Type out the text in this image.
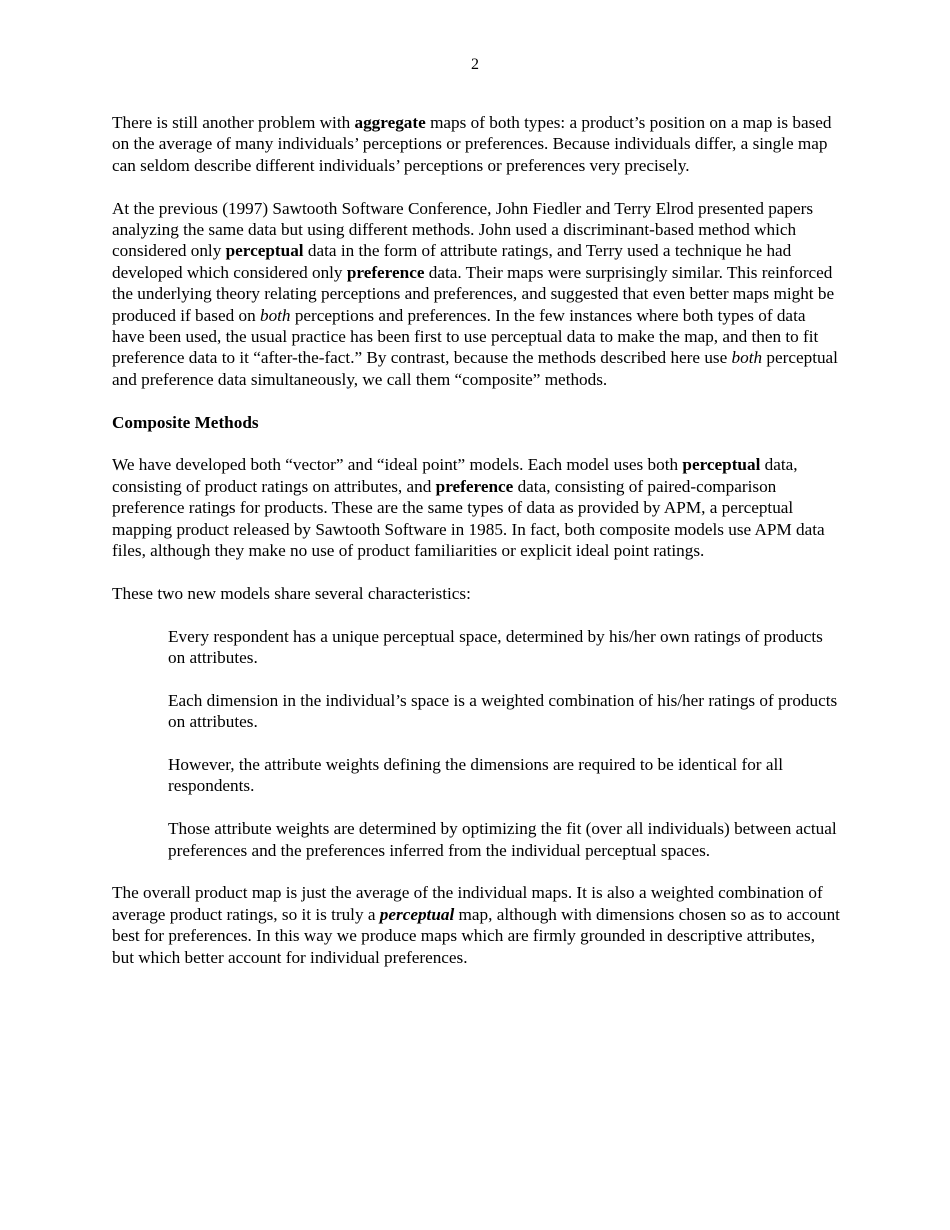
2

There is still another problem with aggregate maps of both types: a product’s position on a map is based on the average of many individuals’ perceptions or preferences. Because individuals differ, a single map can seldom describe different individuals’ perceptions or preferences very precisely.

At the previous (1997) Sawtooth Software Conference, John Fiedler and Terry Elrod presented papers analyzing the same data but using different methods. John used a discriminant-based method which considered only perceptual data in the form of attribute ratings, and Terry used a technique he had developed which considered only preference data. Their maps were surprisingly similar. This reinforced the underlying theory relating perceptions and preferences, and suggested that even better maps might be produced if based on both perceptions and preferences. In the few instances where both types of data have been used, the usual practice has been first to use perceptual data to make the map, and then to fit preference data to it “after-the-fact.” By contrast, because the methods described here use both perceptual and preference data simultaneously, we call them “composite” methods.

Composite Methods

We have developed both “vector” and “ideal point” models. Each model uses both perceptual data, consisting of product ratings on attributes, and preference data, consisting of paired-comparison preference ratings for products. These are the same types of data as provided by APM, a perceptual mapping product released by Sawtooth Software in 1985. In fact, both composite models use APM data files, although they make no use of product familiarities or explicit ideal point ratings.

These two new models share several characteristics:

Every respondent has a unique perceptual space, determined by his/her own ratings of products on attributes.
Each dimension in the individual’s space is a weighted combination of his/her ratings of products on attributes.
However, the attribute weights defining the dimensions are required to be identical for all respondents.
Those attribute weights are determined by optimizing the fit (over all individuals) between actual preferences and the preferences inferred from the individual perceptual spaces.

The overall product map is just the average of the individual maps. It is also a weighted combination of average product ratings, so it is truly a perceptual map, although with dimensions chosen so as to account best for preferences. In this way we produce maps which are firmly grounded in descriptive attributes, but which better account for individual preferences.
